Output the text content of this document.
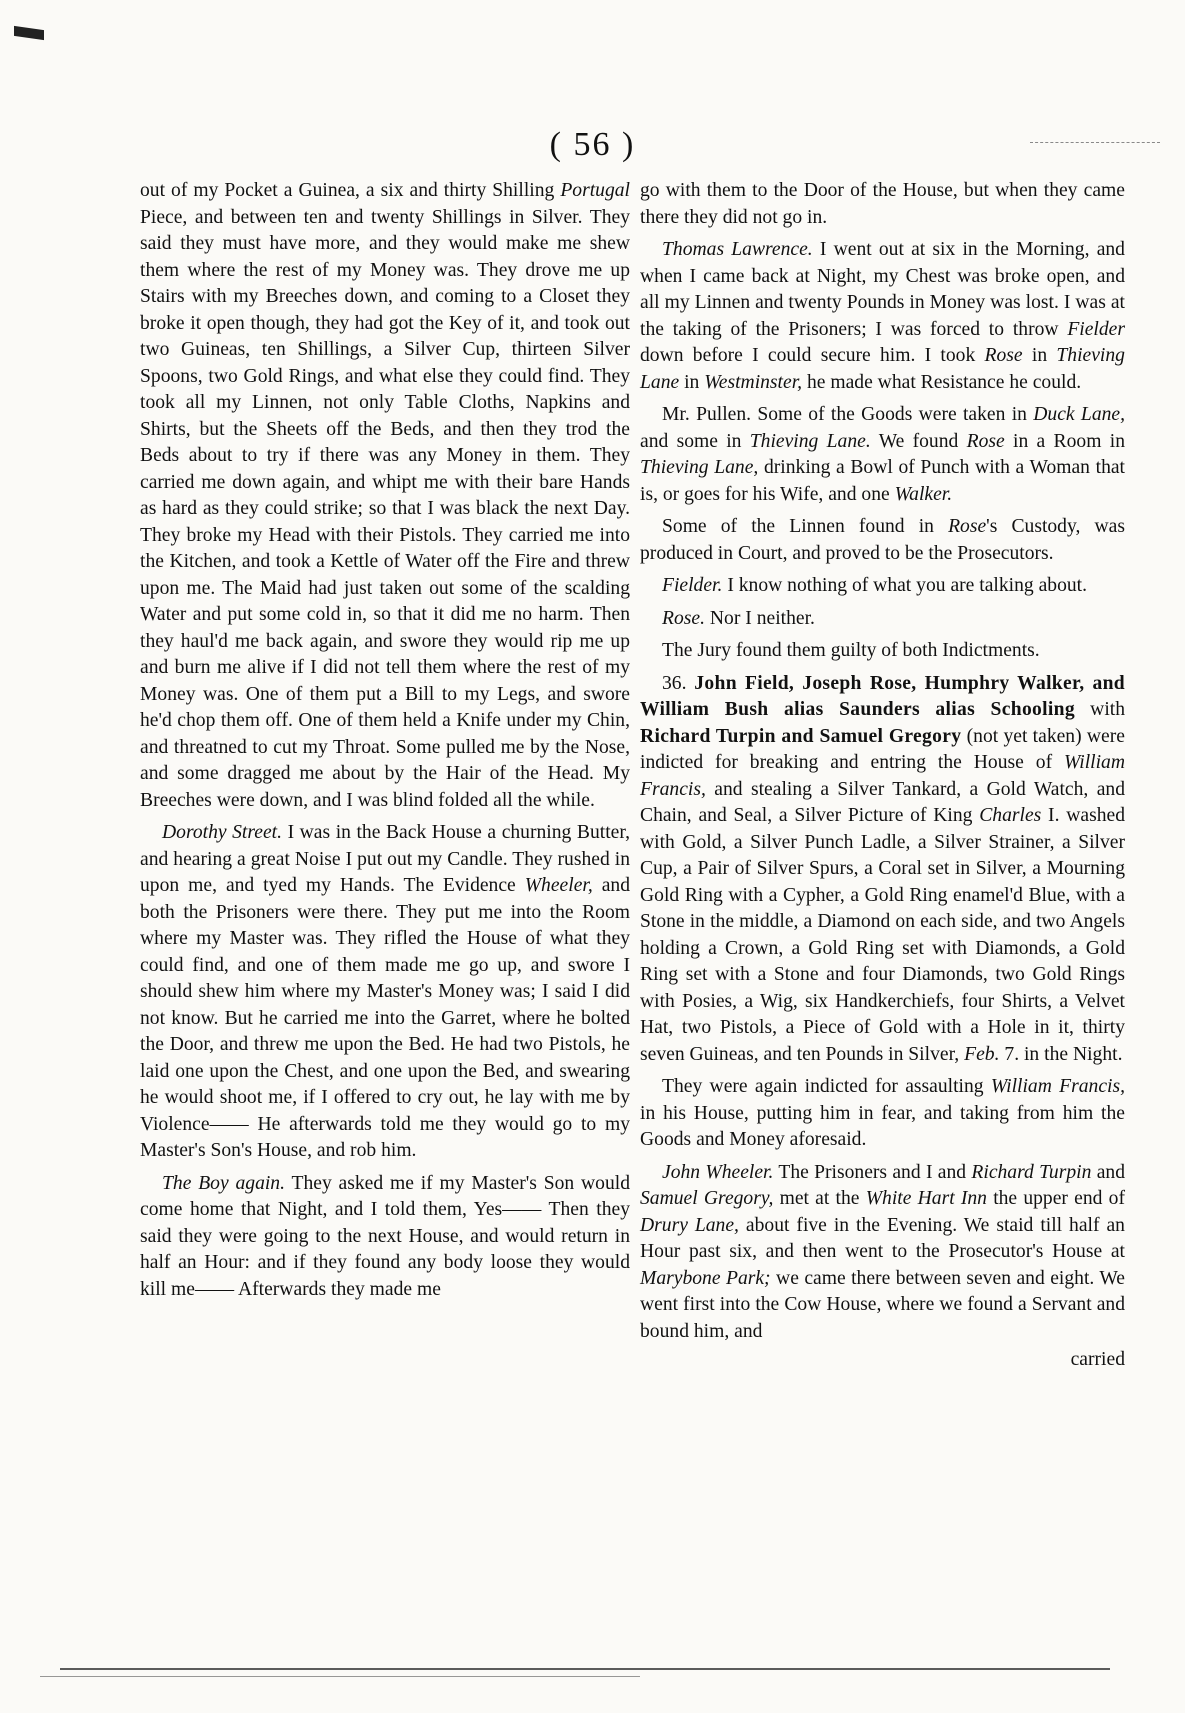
( 56 )

out of my Pocket a Guinea, a six and thirty Shilling Portugal Piece, and between ten and twenty Shillings in Silver. They said they must have more, and they would make me shew them where the rest of my Money was. They drove me up Stairs with my Breeches down, and coming to a Closet they broke it open though, they had got the Key of it, and took out two Guineas, ten Shillings, a Silver Cup, thirteen Silver Spoons, two Gold Rings, and what else they could find. They took all my Linnen, not only Table Cloths, Napkins and Shirts, but the Sheets off the Beds, and then they trod the Beds about to try if there was any Money in them. They carried me down again, and whipt me with their bare Hands as hard as they could strike; so that I was black the next Day. They broke my Head with their Pistols. They carried me into the Kitchen, and took a Kettle of Water off the Fire and threw upon me. The Maid had just taken out some of the scalding Water and put some cold in, so that it did me no harm. Then they haul'd me back again, and swore they would rip me up and burn me alive if I did not tell them where the rest of my Money was. One of them put a Bill to my Legs, and swore he'd chop them off. One of them held a Knife under my Chin, and threatned to cut my Throat. Some pulled me by the Nose, and some dragged me about by the Hair of the Head. My Breeches were down, and I was blind folded all the while.

Dorothy Street. I was in the Back House a churning Butter, and hearing a great Noise I put out my Candle. They rushed in upon me, and tyed my Hands. The Evidence Wheeler, and both the Prisoners were there. They put me into the Room where my Master was. They rifled the House of what they could find, and one of them made me go up, and swore I should shew him where my Master's Money was; I said I did not know. But he carried me into the Garret, where he bolted the Door, and threw me upon the Bed. He had two Pistols, he laid one upon the Chest, and one upon the Bed, and swearing he would shoot me, if I offered to cry out, he lay with me by Violence—— He afterwards told me they would go to my Master's Son's House, and rob him.

The Boy again. They asked me if my Master's Son would come home that Night, and I told them, Yes—— Then they said they were going to the next House, and would return in half an Hour: and if they found any body loose they would kill me—— Afterwards they made me

go with them to the Door of the House, but when they came there they did not go in.

Thomas Lawrence. I went out at six in the Morning, and when I came back at Night, my Chest was broke open, and all my Linnen and twenty Pounds in Money was lost. I was at the taking of the Prisoners; I was forced to throw Fielder down before I could secure him. I took Rose in Thieving Lane in Westminster, he made what Resistance he could.

Mr. Pullen. Some of the Goods were taken in Duck Lane, and some in Thieving Lane. We found Rose in a Room in Thieving Lane, drinking a Bowl of Punch with a Woman that is, or goes for his Wife, and one Walker.

Some of the Linnen found in Rose's Custody, was produced in Court, and proved to be the Prosecutors.

Fielder. I know nothing of what you are talking about.

Rose. Nor I neither.

The Jury found them guilty of both Indictments.

36. John Field, Joseph Rose, Humphry Walker, and William Bush alias Saunders alias Schooling with Richard Turpin and Samuel Gregory (not yet taken) were indicted for breaking and entring the House of William Francis, and stealing a Silver Tankard, a Gold Watch, and Chain, and Seal, a Silver Picture of King Charles I. washed with Gold, a Silver Punch Ladle, a Silver Strainer, a Silver Cup, a Pair of Silver Spurs, a Coral set in Silver, a Mourning Gold Ring with a Cypher, a Gold Ring enamel'd Blue, with a Stone in the middle, a Diamond on each side, and two Angels holding a Crown, a Gold Ring set with Diamonds, a Gold Ring set with a Stone and four Diamonds, two Gold Rings with Posies, a Wig, six Handkerchiefs, four Shirts, a Velvet Hat, two Pistols, a Piece of Gold with a Hole in it, thirty seven Guineas, and ten Pounds in Silver, Feb. 7. in the Night.

They were again indicted for assaulting William Francis, in his House, putting him in fear, and taking from him the Goods and Money aforesaid.

John Wheeler. The Prisoners and I and Richard Turpin and Samuel Gregory, met at the White Hart Inn the upper end of Drury Lane, about five in the Evening. We staid till half an Hour past six, and then went to the Prosecutor's House at Marybone Park; we came there between seven and eight. We went first into the Cow House, where we found a Servant and bound him, and

carried
